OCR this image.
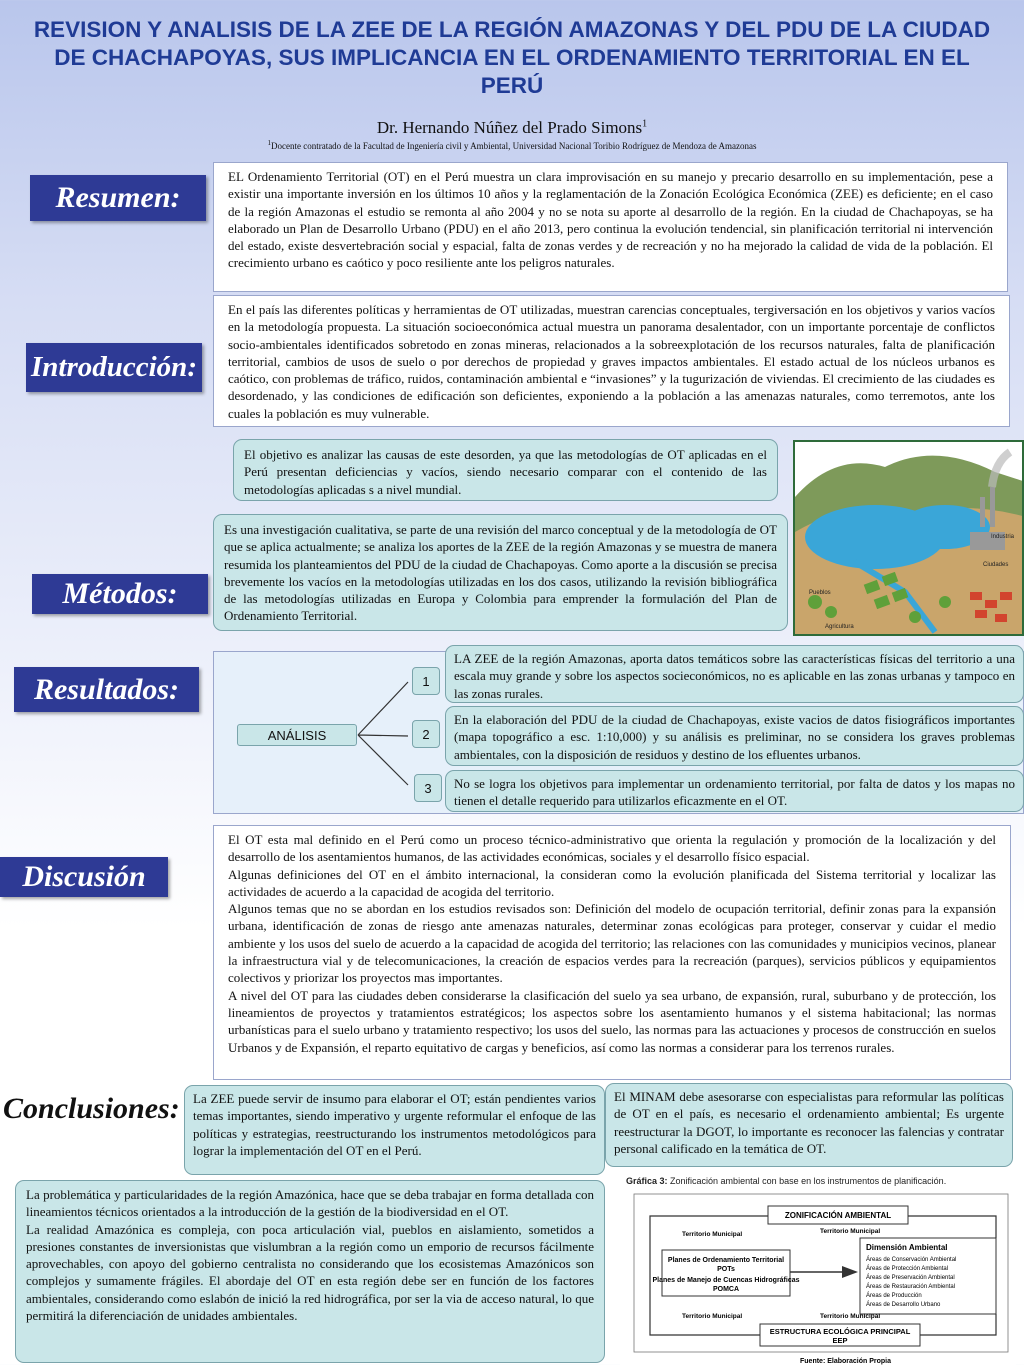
REVISION Y ANALISIS DE LA ZEE DE LA REGIÓN AMAZONAS Y DEL PDU DE LA CIUDAD DE CHACHAPOYAS, SUS IMPLICANCIA EN EL ORDENAMIENTO TERRITORIAL EN EL PERÚ
Dr. Hernando Núñez del Prado Simons$^1$
$^1$Docente contratado de la Facultad de Ingeniería civil y Ambiental, Universidad Nacional Toribio Rodríguez de Mendoza de Amazonas
Resumen:
EL Ordenamiento Territorial (OT) en el Perú muestra un clara improvisación en su manejo y precario desarrollo en su implementación, pese a existir una importante inversión en los últimos 10 años y la reglamentación de la Zonación Ecológica Económica (ZEE) es deficiente; en el caso de la región Amazonas el estudio se remonta al año 2004 y no se nota su aporte al desarrollo de la región. En la ciudad de Chachapoyas, se ha elaborado un Plan de Desarrollo Urbano (PDU) en el año 2013, pero continua la evolución tendencial, sin planificación territorial ni intervención del estado, existe desvertebración social y espacial, falta de zonas verdes y de recreación y no ha mejorado la calidad de vida de la población. El crecimiento urbano es caótico y poco resiliente ante los peligros naturales.
Introducción:
En el país las diferentes políticas y herramientas de OT utilizadas, muestran carencias conceptuales, tergiversación en los objetivos y varios vacíos en la metodología propuesta. La situación socioeconómica actual muestra un panorama desalentador, con un importante porcentaje de conflictos socio-ambientales identificados sobretodo en zonas mineras, relacionados a la sobreexplotación de los recursos naturales, falta de planificación territorial, cambios de usos de suelo o por derechos de propiedad y graves impactos ambientales. El estado actual de los núcleos urbanos es caótico, con problemas de tráfico, ruidos, contaminación ambiental e “invasiones” y la tugurización de viviendas. El crecimiento de las ciudades es desordenado, y las condiciones de edificación son deficientes, exponiendo a la población a las amenazas naturales, como terremotos, ante los cuales la población es muy vulnerable.
El objetivo es analizar las causas de este desorden, ya que las metodologías de OT aplicadas en el Perú presentan deficiencias y vacíos, siendo necesario comparar con el contenido de las metodologías aplicadas s a nivel mundial.
Industria
Ciudades
Pueblos
Agricultura
Métodos:
Es una investigación cualitativa, se parte de una revisión del marco conceptual y de la metodología de OT que se aplica actualmente; se analiza los aportes de la ZEE de la región Amazonas y se muestra de manera resumida los planteamientos del PDU de la ciudad de Chachapoyas. Como aporte a la discusión se precisa brevemente los vacíos en la metodologías utilizadas en los dos casos, utilizando la revisión bibliográfica de las metodologías utilizadas en Europa y Colombia para emprender la formulación del Plan de Ordenamiento Territorial.
Resultados:
ANÁLISIS
1
2
3
LA ZEE de la región Amazonas, aporta datos temáticos sobre las características físicas del territorio a una escala muy grande y sobre los aspectos socieconómicos, no es aplicable en las zonas urbanas y tampoco en las zonas rurales.
En la elaboración del PDU de la ciudad de Chachapoyas, existe vacios de datos fisiográficos importantes (mapa topográfico a esc. 1:10,000) y su análisis es preliminar, no se considera los graves problemas ambientales, con la disposición de residuos y destino de los efluentes urbanos.
No se logra los objetivos para implementar un ordenamiento territorial, por falta de datos y los mapas no tienen el detalle requerido para utilizarlos eficazmente en el OT.
Discusión

El OT esta mal definido en el Perú como un proceso técnico-administrativo que orienta la regulación y promoción de la localización y del desarrollo de los asentamientos humanos, de las actividades económicas, sociales y el desarrollo físico espacial.

Algunas definiciones del OT en el ámbito internacional, la consideran como la evolución planificada del Sistema territorial y localizar las actividades de acuerdo a la capacidad de acogida del territorio.

Algunos temas que no se abordan en los estudios revisados son: Definición del modelo de ocupación territorial, definir zonas para la expansión urbana, identificación de zonas de riesgo ante amenazas naturales, determinar zonas ecológicas para proteger, conservar y cuidar el medio ambiente y los usos del suelo de acuerdo a la capacidad de acogida del territorio; las relaciones con las comunidades y municipios vecinos, planear la infraestructura vial y de telecomunicaciones, la creación de espacios verdes para la recreación (parques), servicios públicos y equipamientos colectivos y priorizar los proyectos mas importantes.

A nivel del OT para las ciudades deben considerarse la clasificación del suelo ya sea urbano, de expansión, rural, suburbano y de protección, los lineamientos de proyectos y tratamientos estratégicos; los aspectos sobre los asentamiento humanos y el sistema habitacional; las normas urbanísticas para el suelo urbano y tratamiento respectivo; los usos del suelo, las normas para las actuaciones y procesos de construcción en suelos Urbanos y de Expansión, el reparto equitativo de cargas y beneficios, así como las normas a considerar para los terrenos rurales.

Conclusiones:	La ZEE puede servir de insumo para elaborar el OT; están pendientes varios temas importantes, siendo imperativo y urgente reformular el enfoque de las políticas y estrategias, reestructurando los instrumentos metodológicos para lograr la implementación del OT en el Perú.
El MINAM debe asesorarse con especialistas para reformular las políticas de OT en el país, es necesario el ordenamiento ambiental; Es urgente reestructurar la DGOT, lo importante es reconocer las falencias y contratar personal calificado en la temática de OT.

La problemática y particularidades de la región Amazónica, hace que se deba trabajar en forma detallada con lineamientos técnicos orientados a la introducción de la gestión de la biodiversidad en el OT.

La realidad Amazónica es compleja, con poca articulación vial, pueblos en aislamiento, sometidos a presiones constantes de inversionistas que vislumbran a la región como un emporio de recursos fácilmente aprovechables, con apoyo del gobierno centralista no considerando que los ecosistemas Amazónicos son complejos y sumamente frágiles. El abordaje del OT en esta región debe ser en función de los factores ambientales, considerando como eslabón de inició la red hidrográfica, por ser la via de acceso natural, lo que permitirá la diferenciación de unidades ambientales.

Gráfica 3: Zonificación ambiental con base en los instrumentos de planificación.
ZONIFICACIÓN AMBIENTAL
Territorio Municipal	Territorio Municipal
Planes de Ordenamiento Territorial
POTs
Planes de Manejo de Cuencas Hidrográficas
POMCA
Dimensión Ambiental
Áreas de Conservación Ambiental
Áreas de Protección Ambiental
Áreas de Preservación Ambiental
Áreas de Restauración Ambiental
Áreas de Producción
Áreas de Desarrollo Urbano
Territorio Municipal	Territorio Municipal
ESTRUCTURA ECOLÓGICA PRINCIPAL
EEP
Fuente: Elaboración Propia
